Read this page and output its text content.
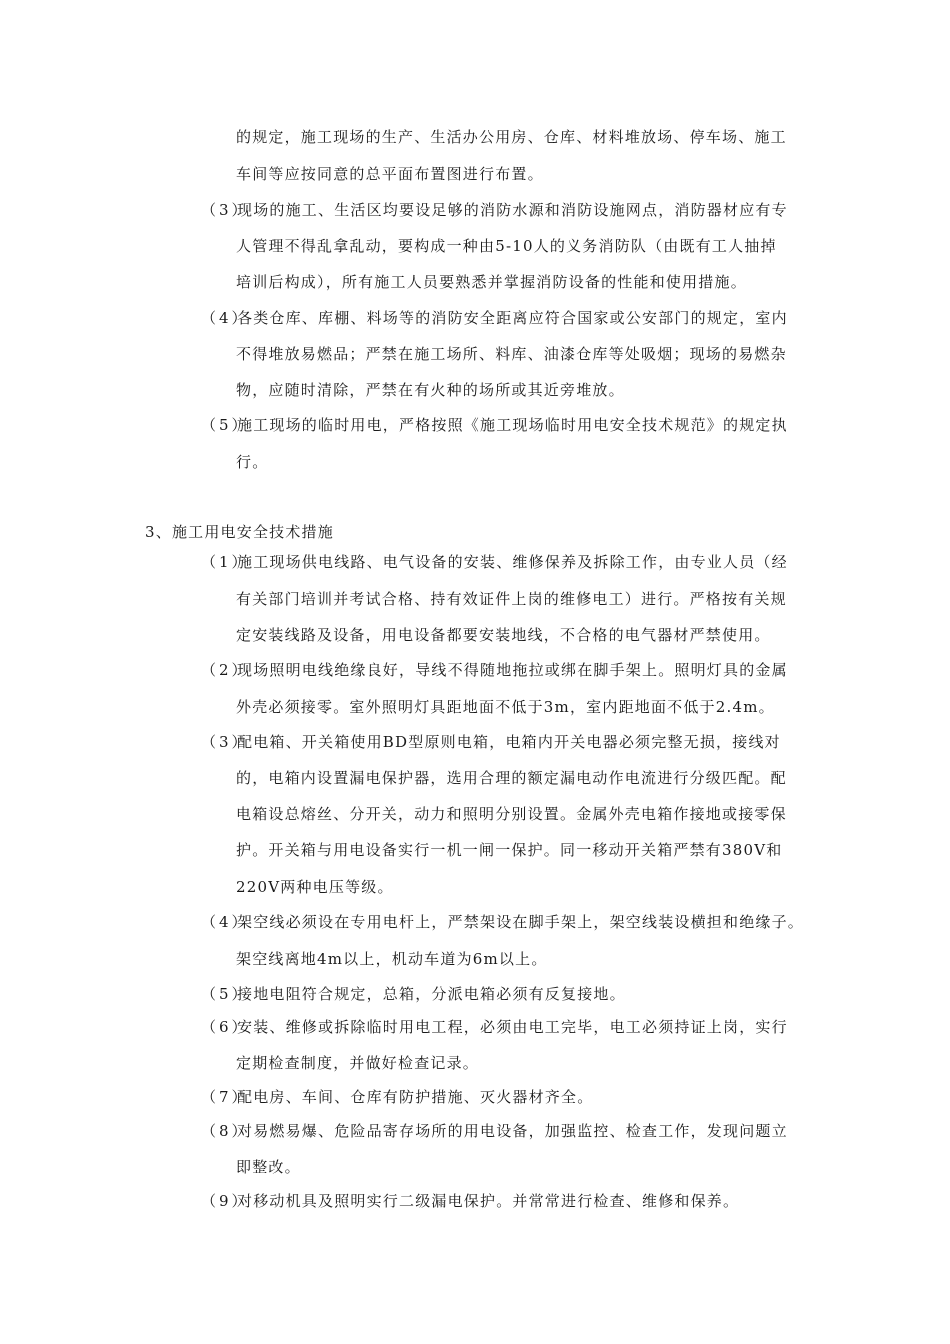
的规定，施工现场的生产、生活办公用房、仓库、材料堆放场、停车场、施工
车间等应按同意的总平面布置图进行布置。
（3）现场的施工、生活区均要设足够的消防水源和消防设施网点，消防器材应有专
人管理不得乱拿乱动，要构成一种由5-10人的义务消防队（由既有工人抽掉
培训后构成），所有施工人员要熟悉并掌握消防设备的性能和使用措施。
（4）各类仓库、库棚、料场等的消防安全距离应符合国家或公安部门的规定，室内
不得堆放易燃品；严禁在施工场所、料库、油漆仓库等处吸烟；现场的易燃杂
物，应随时清除，严禁在有火种的场所或其近旁堆放。
（5）施工现场的临时用电，严格按照《施工现场临时用电安全技术规范》的规定执
行。
3、施工用电安全技术措施
（1）施工现场供电线路、电气设备的安装、维修保养及拆除工作，由专业人员（经
有关部门培训并考试合格、持有效证件上岗的维修电工）进行。严格按有关规
定安装线路及设备，用电设备都要安装地线，不合格的电气器材严禁使用。
（2）现场照明电线绝缘良好，导线不得随地拖拉或绑在脚手架上。照明灯具的金属
外壳必须接零。室外照明灯具距地面不低于3m，室内距地面不低于2.4m。
（3）配电箱、开关箱使用BD型原则电箱，电箱内开关电器必须完整无损，接线对
的，电箱内设置漏电保护器，选用合理的额定漏电动作电流进行分级匹配。配
电箱设总熔丝、分开关，动力和照明分别设置。金属外壳电箱作接地或接零保
护。开关箱与用电设备实行一机一闸一保护。同一移动开关箱严禁有380V和
220V两种电压等级。
（4）架空线必须设在专用电杆上，严禁架设在脚手架上，架空线装设横担和绝缘子。
架空线离地4m以上，机动车道为6m以上。
（5）接地电阻符合规定，总箱，分派电箱必须有反复接地。
（6）安装、维修或拆除临时用电工程，必须由电工完毕，电工必须持证上岗，实行
定期检查制度，并做好检查记录。
（7）配电房、车间、仓库有防护措施、灭火器材齐全。
（8）对易燃易爆、危险品寄存场所的用电设备，加强监控、检查工作，发现问题立
即整改。
（9）对移动机具及照明实行二级漏电保护。并常常进行检查、维修和保养。
